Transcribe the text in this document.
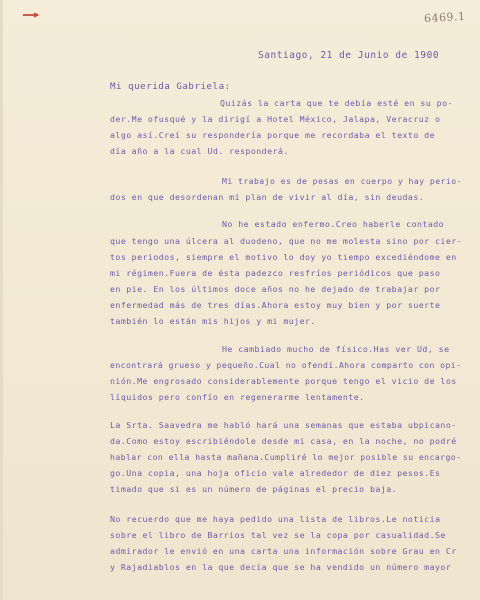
6469.1
Santiago, 21 de Junio de 1900
Mi querida Gabriela:
Quizás la carta que te debía esté en su po-
der.Me ofusqué y la dirigí a Hotel México, Jalapa, Veracruz o
algo así.Creí su respondería porque me recordaba el texto de
día año a la cual Ud. responderá.
Mi trabajo es de pesas en cuerpo y hay perio-
dos en que desordenan mi plan de vivir al día, sin deudas.
No he estado enfermo.Creo haberle contado
que tengo una úlcera al duodeno, que no me molesta sino por cier-
tos periodos, siempre el motivo lo doy yo tiempo excediéndome en
mi régimen.Fuera de ésta padezco resfríos periódicos que paso
en pie. En los últimos doce años no he dejado de trabajar por
enfermedad más de tres días.Ahora estoy muy bien y por suerte
también lo están mis hijos y mi mujer.
He cambiado mucho de físico.Has ver Ud, se
encontrará grueso y pequeño.Cual no ofendí.Ahora comparto con opi-
nión.Me engrosado considerablemente porque tengo el vicio de los
líquidos pero confío en regenerarme lentamente.
La Srta. Saavedra me habló hará una semanas que estaba ubpicano-
da.Como estoy escribiéndole desde mi casa, en la noche, no podré
hablar con ella hasta mañana.Cumpliré lo mejor posible su encargo-
go.Una copia, una hoja oficio vale alrededor de diez pesos.Es
timado que si es un número de páginas el precio baja.
No recuerdo que me haya pedido una lista de libros.Le noticia
sobre el libro de Barrios tal vez se la copa por casualidad.Se
admirador le envió en una carta una información sobre Grau en Cr
y Rajadiablos en la que decía que se ha vendido un número mayor
